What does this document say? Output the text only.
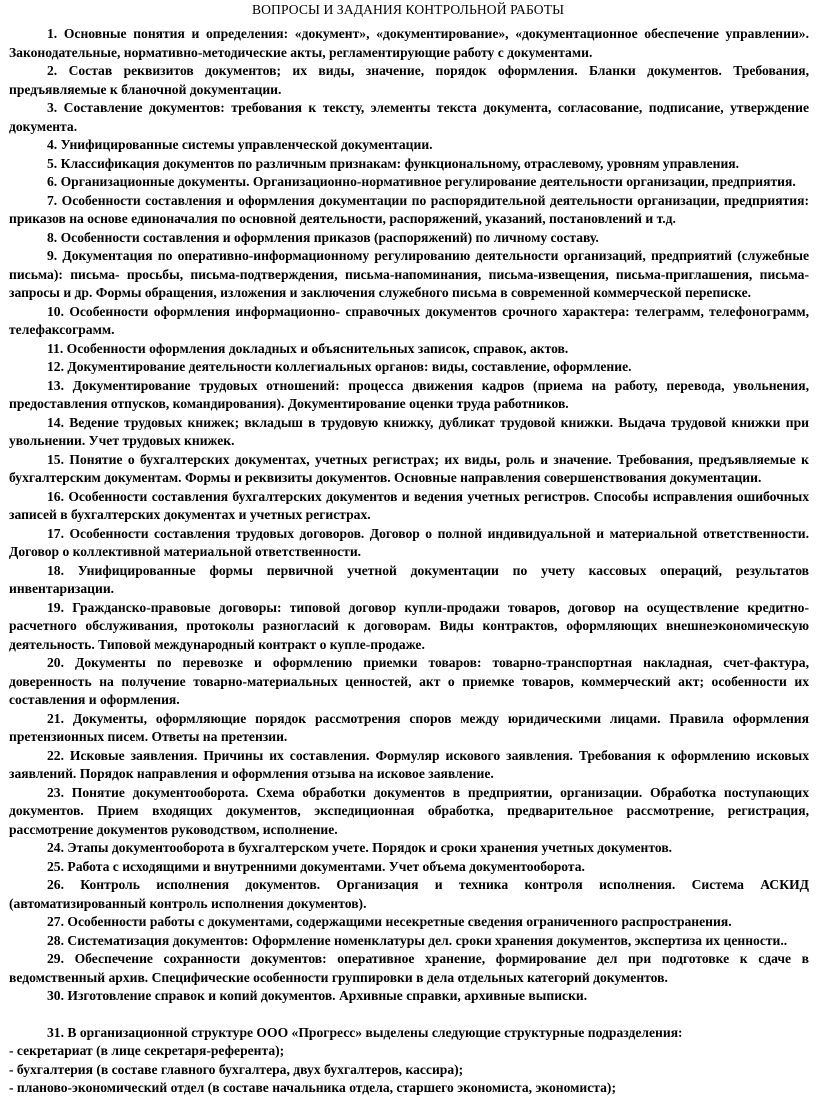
ВОПРОСЫ И ЗАДАНИЯ КОНТРОЛЬНОЙ РАБОТЫ

1. Основные понятия и определения: «документ», «документирование», «документационное обеспечение управлении». Законодательные, нормативно-методические акты, регламентирующие работу с документами.

2. Состав реквизитов документов; их виды, значение, порядок оформления. Бланки документов. Требования, предъявляемые к бланочной документации.

3. Составление документов: требования к тексту, элементы текста документа, согласование, подписание, утверждение документа.

4. Унифицированные системы управленческой документации.

5. Классификация документов по различным признакам: функциональному, отраслевому, уровням управления.

6. Организационные документы. Организационно-нормативное регулирование деятельности организации, предприятия.

7. Особенности составления и оформления документации по распорядительной деятельности организации, предприятия: приказов на основе единоначалия по основной деятельности, распоряжений, указаний, постановлений и т.д.

8. Особенности составления и оформления приказов (распоряжений) по личному составу.

9. Документация по оперативно-информационному регулированию деятельности организаций, предприятий (служебные письма): письма- просьбы, письма-подтверждения, письма-напоминания, письма-извещения, письма-приглашения, письма-запросы и др. Формы обращения, изложения и заключения служебного письма в современной коммерческой переписке.

10. Особенности оформления информационно- справочных документов срочного характера: телеграмм, телефонограмм, телефаксограмм.

11. Особенности оформления докладных и объяснительных записок, справок, актов.

12. Документирование деятельности коллегиальных органов: виды, составление, оформление.

13. Документирование трудовых отношений: процесса движения кадров (приема на работу, перевода, увольнения, предоставления отпусков, командирования). Документирование оценки труда работников.

14. Ведение трудовых книжек; вкладыш в трудовую книжку, дубликат трудовой книжки. Выдача трудовой книжки при увольнении. Учет трудовых книжек.

15. Понятие о бухгалтерских документах, учетных регистрах; их виды, роль и значение. Требования, предъявляемые к бухгалтерским документам. Формы и реквизиты документов. Основные направления совершенствования документации.

16. Особенности составления бухгалтерских документов и ведения учетных регистров. Способы исправления ошибочных записей в бухгалтерских документах и учетных регистрах.

17. Особенности составления трудовых договоров. Договор о полной индивидуальной и материальной ответственности. Договор о коллективной материальной ответственности.

18. Унифицированные формы первичной учетной документации по учету кассовых операций, результатов инвентаризации.

19. Гражданско-правовые договоры: типовой договор купли-продажи товаров, договор на осуществление кредитно-расчетного обслуживания, протоколы разногласий к договорам. Виды контрактов, оформляющих внешнеэкономическую деятельность. Типовой международный контракт о купле-продаже.

20. Документы по перевозке и оформлению приемки товаров: товарно-транспортная накладная, счет-фактура, доверенность на получение товарно-материальных ценностей, акт о приемке товаров, коммерческий акт; особенности их составления и оформления.

21. Документы, оформляющие порядок рассмотрения споров между юридическими лицами. Правила оформления претензионных писем. Ответы на претензии.

22. Исковые заявления. Причины их составления. Формуляр искового заявления. Требования к оформлению исковых заявлений. Порядок направления и оформления отзыва на исковое заявление.

23. Понятие документооборота. Схема обработки документов в предприятии, организации. Обработка поступающих документов. Прием входящих документов, экспедиционная обработка, предварительное рассмотрение, регистрация, рассмотрение документов руководством, исполнение.

24. Этапы документооборота в бухгалтерском учете. Порядок и сроки хранения учетных документов.

25. Работа с исходящими и внутренними документами. Учет объема документооборота.

26. Контроль исполнения документов. Организация и техника контроля исполнения. Система АСКИД (автоматизированный контроль исполнения документов).

27. Особенности работы с документами, содержащими несекретные сведения ограниченного распространения.

28. Систематизация документов: Оформление номенклатуры дел. сроки хранения документов, экспертиза их ценности..

29. Обеспечение сохранности документов: оперативное хранение, формирование дел при подготовке к сдаче в ведомственный архив. Специфические особенности группировки в дела отдельных категорий документов.

30. Изготовление справок и копий документов. Архивные справки, архивные выписки.

31. В организационной структуре ООО «Прогресс» выделены следующие структурные подразделения:

- секретариат (в лице секретаря-референта);

- бухгалтерия (в составе главного бухгалтера, двух бухгалтеров, кассира);

- планово-экономический отдел (в составе начальника отдела, старшего экономиста, экономиста);
